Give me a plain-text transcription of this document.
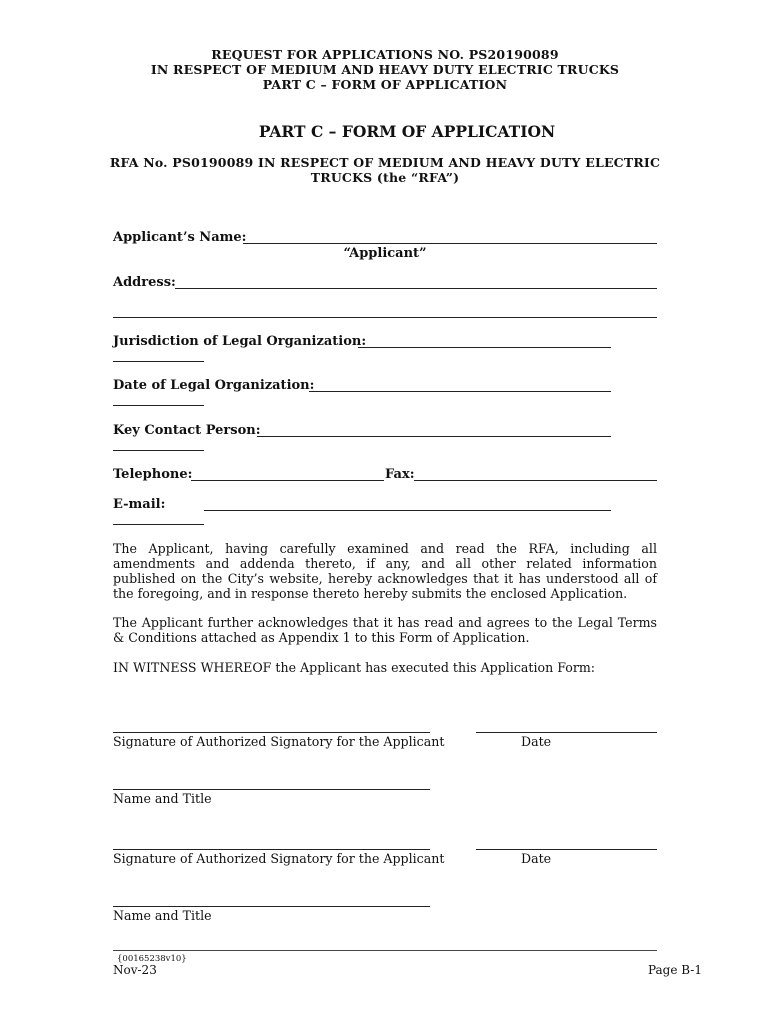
REQUEST FOR APPLICATIONS NO. PS20190089
IN RESPECT OF MEDIUM AND HEAVY DUTY ELECTRIC TRUCKS
PART C – FORM OF APPLICATION
PART C – FORM OF APPLICATION
RFA No. PS0190089 IN RESPECT OF MEDIUM AND HEAVY DUTY ELECTRIC
TRUCKS (the “RFA”)
Applicant’s Name:
“Applicant”
Address:
Jurisdiction of Legal Organization:
Date of Legal Organization:
Key Contact Person:
Telephone:	Fax:
E-mail:
The Applicant, having carefully examined and read the RFA, including all amendments and addenda thereto, if any, and all other related information published on the City’s website, hereby acknowledges that it has understood all of the foregoing, and in response thereto hereby submits the enclosed Application.
The Applicant further acknowledges that it has read and agrees to the Legal Terms & Conditions attached as Appendix 1 to this Form of Application.
IN WITNESS WHEREOF the Applicant has executed this Application Form:
Signature of Authorized Signatory for the Applicant	Date
Name and Title
Signature of Authorized Signatory for the Applicant	Date
Name and Title
{00165238v10}
Nov-23	Page B-1
